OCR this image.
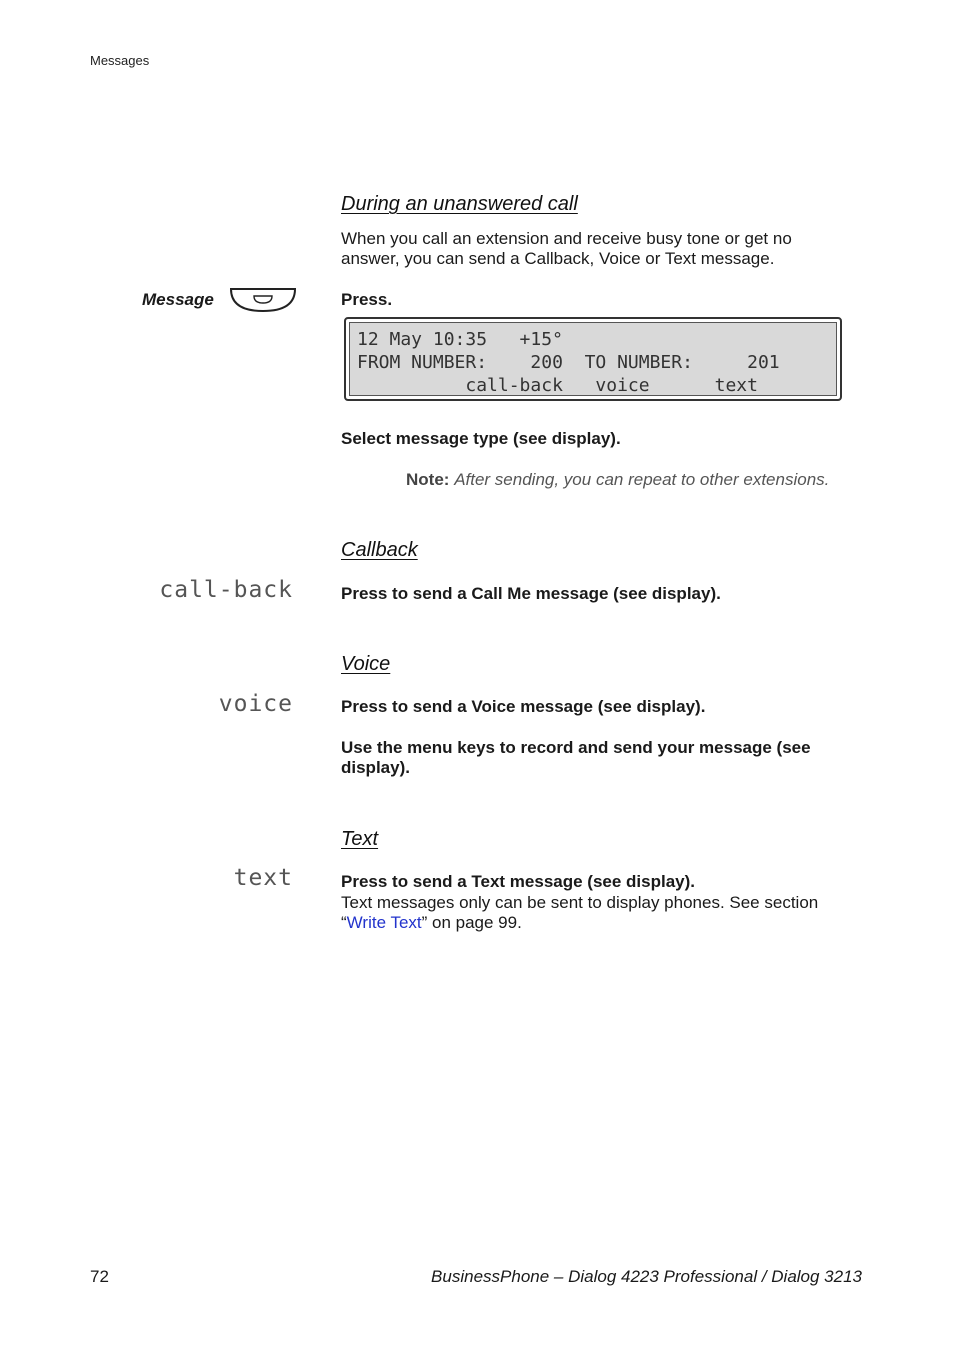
Messages
During an unanswered call
When you call an extension and receive busy tone or get no answer, you can send a Callback, Voice or Text message.
Message	Press.
12 May 10:35   +15°
FROM NUMBER:    200  TO NUMBER:     201
call-back   voice      text
Select message type (see display).
Note: After sending, you can repeat to other extensions.
Callback
call-back	Press to send a Call Me message (see display).
Voice
voice	Press to send a Voice message (see display).
Use the menu keys to record and send your message (see display).
Text
text	Press to send a Text message (see display).
Text messages only can be sent to display phones. See section “Write Text” on page 99.
72	BusinessPhone – Dialog 4223 Professional / Dialog 3213
